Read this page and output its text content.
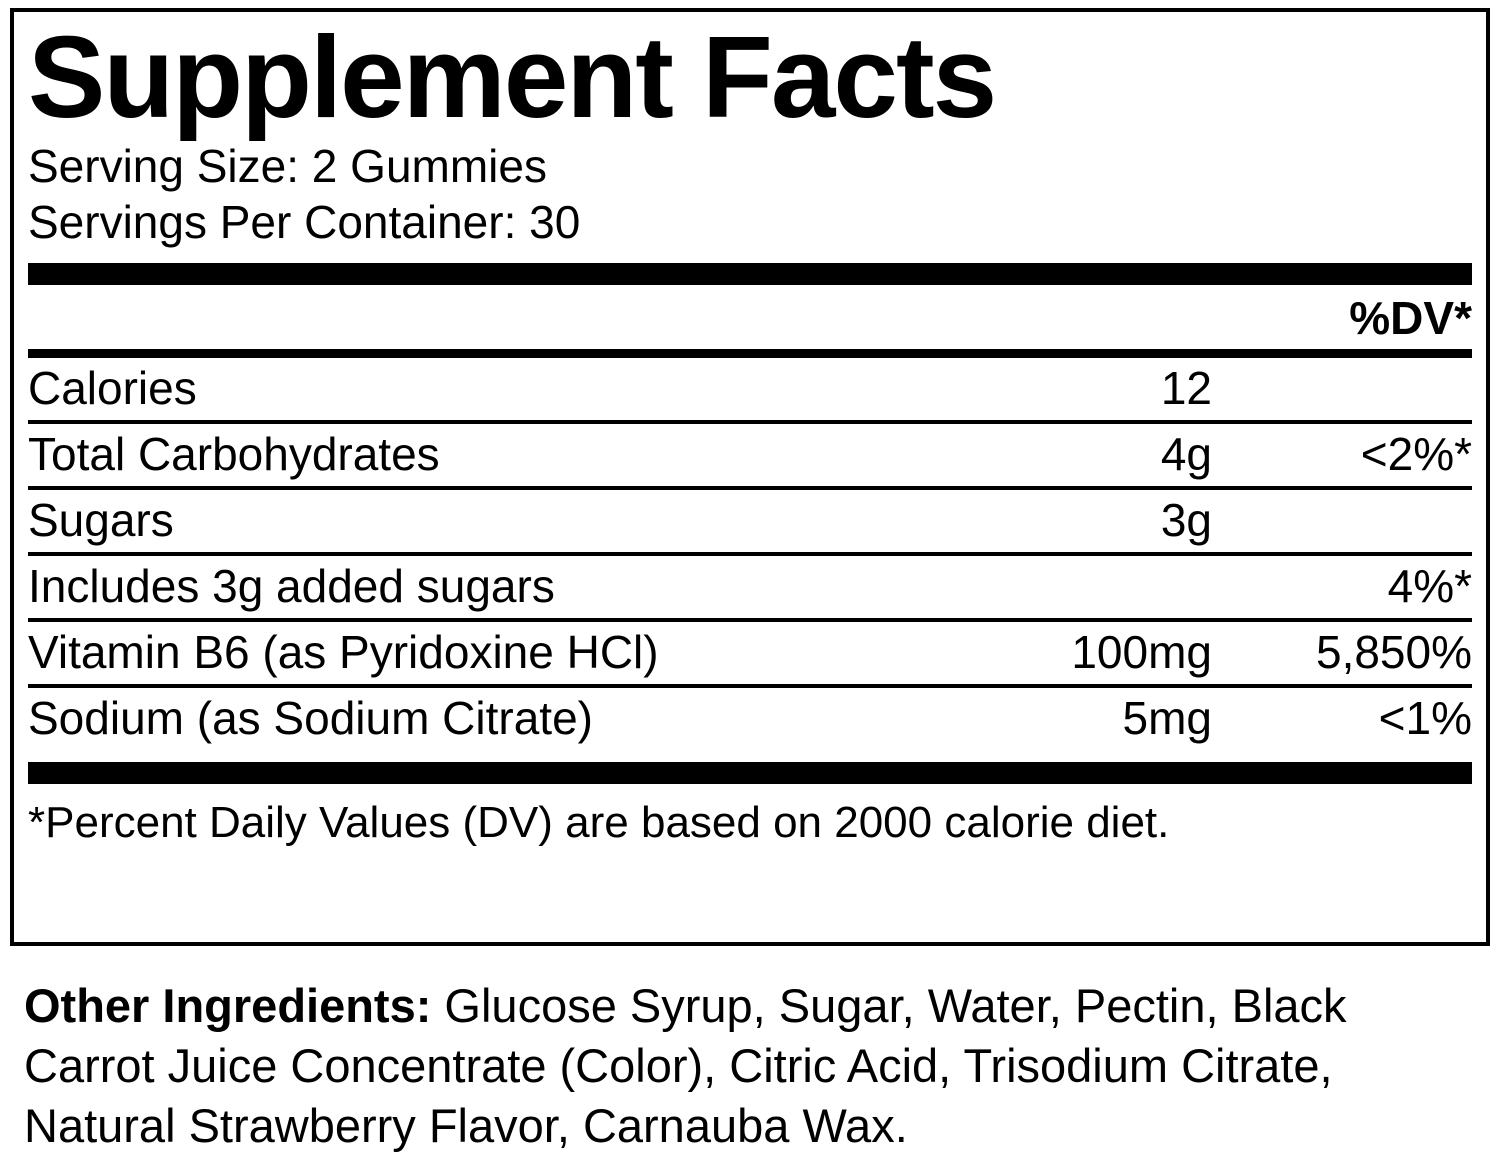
Supplement Facts
Serving Size: 2 Gummies
Servings Per Container: 30
%DV*
Calories	12	
Total Carbohydrates	4g	<2%*
Sugars	3g	
Includes 3g added sugars		4%*
Vitamin B6 (as Pyridoxine HCl)	100mg	5,850%
Sodium (as Sodium Citrate)	5mg	<1%
*Percent Daily Values (DV) are based on 2000 calorie diet.
Other Ingredients: Glucose Syrup, Sugar, Water, Pectin, Black Carrot Juice Concentrate (Color), Citric Acid, Trisodium Citrate, Natural Strawberry Flavor, Carnauba Wax.
